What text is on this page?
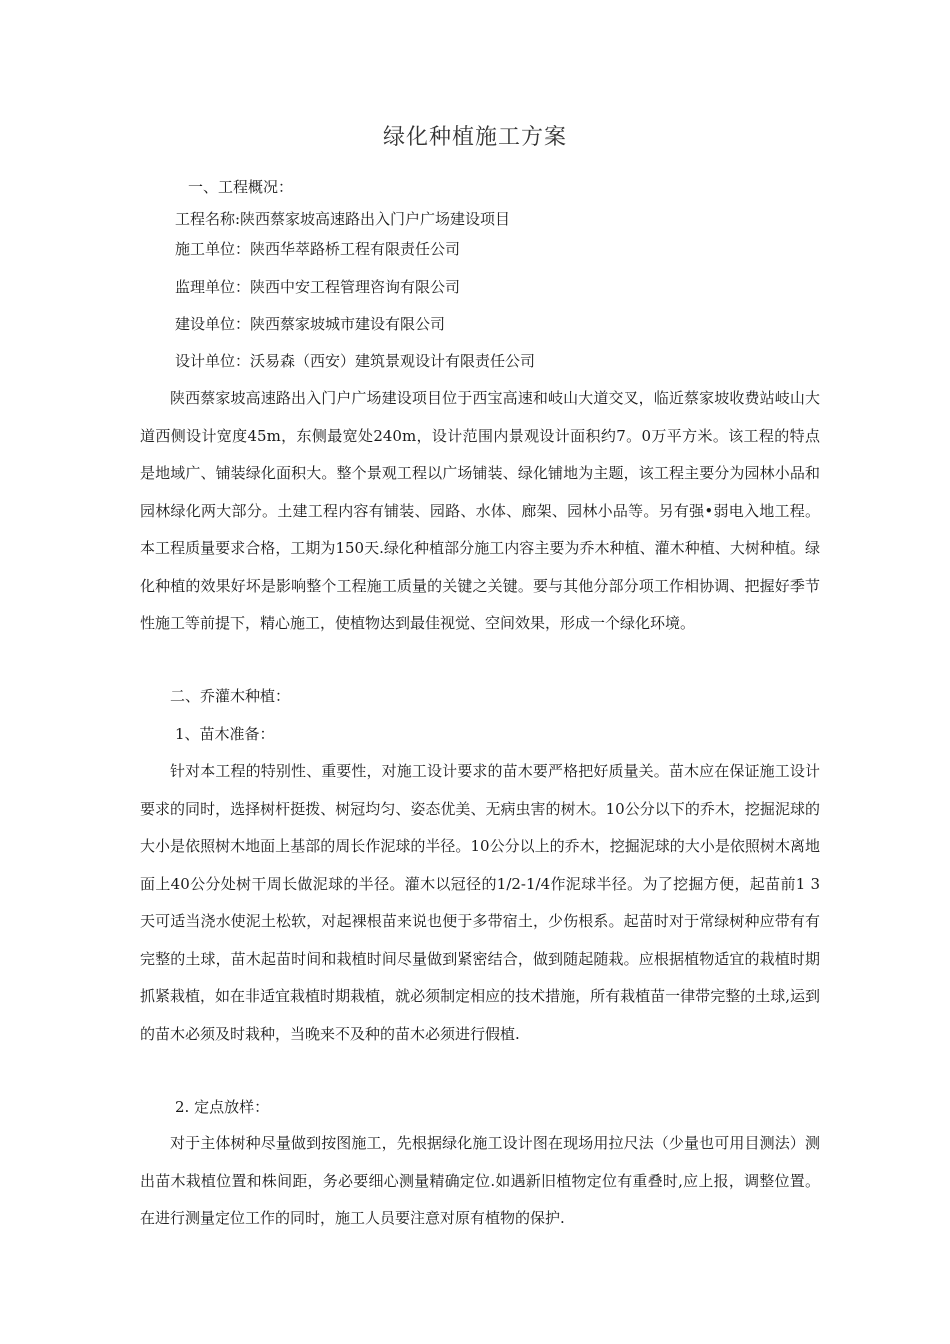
绿化种植施工方案
一、工程概况：
工程名称:陕西蔡家坡高速路出入门户广场建设项目
施工单位：陕西华萃路桥工程有限责任公司
监理单位：陕西中安工程管理咨询有限公司
建设单位：陕西蔡家坡城市建设有限公司
设计单位：沃易森（西安）建筑景观设计有限责任公司
陕西蔡家坡高速路出入门户广场建设项目位于西宝高速和岐山大道交叉，临近蔡家坡收费站岐山大道西侧设计宽度45m，东侧最宽处240m，设计范围内景观设计面积约7。0万平方米。该工程的特点是地域广、铺装绿化面积大。整个景观工程以广场铺装、绿化铺地为主题，该工程主要分为园林小品和园林绿化两大部分。土建工程内容有铺装、园路、水体、廊架、园林小品等。另有强•弱电入地工程。本工程质量要求合格，工期为150天.绿化种植部分施工内容主要为乔木种植、灌木种植、大树种植。绿化种植的效果好坏是影响整个工程施工质量的关键之关键。要与其他分部分项工作相协调、把握好季节性施工等前提下，精心施工，使植物达到最佳视觉、空间效果，形成一个绿化环境。
二、乔灌木种植：
1、苗木准备：
针对本工程的特别性、重要性，对施工设计要求的苗木要严格把好质量关。苗木应在保证施工设计要求的同时，选择树杆挺拨、树冠均匀、姿态优美、无病虫害的树木。10公分以下的乔木，挖掘泥球的大小是依照树木地面上基部的周长作泥球的半径。10公分以上的乔木，挖掘泥球的大小是依照树木离地面上40公分处树干周长做泥球的半径。灌木以冠径的1/2-1/4作泥球半径。为了挖掘方便，起苗前1 3天可适当浇水使泥土松软，对起裸根苗来说也便于多带宿土，少伤根系。起苗时对于常绿树种应带有有完整的土球，苗木起苗时间和栽植时间尽量做到紧密结合，做到随起随栽。应根据植物适宜的栽植时期抓紧栽植，如在非适宜栽植时期栽植，就必须制定相应的技术措施，所有栽植苗一律带完整的土球,运到的苗木必须及时栽种，当晚来不及种的苗木必须进行假植.
2. 定点放样：
对于主体树种尽量做到按图施工，先根据绿化施工设计图在现场用拉尺法（少量也可用目测法）测出苗木栽植位置和株间距，务必要细心测量精确定位.如遇新旧植物定位有重叠时,应上报，调整位置。在进行测量定位工作的同时，施工人员要注意对原有植物的保护.
